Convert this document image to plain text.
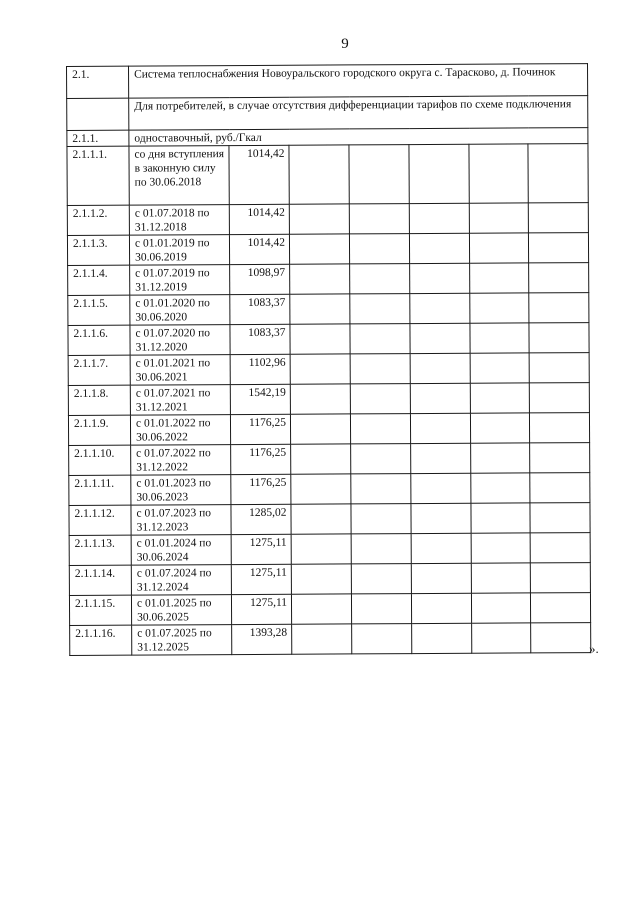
9
2.1.	Система теплоснабжения Новоуральского городского округа с. Тарасково, д. Починок						
	Для потребителей, в случае отсутствия дифференциации тарифов по схеме подключения						
2.1.1.	одноставочный, руб./Гкал						
2.1.1.1.	со дня вступления в законную силу по 30.06.2018	1014,42					
2.1.1.2.	с 01.07.2018 по 31.12.2018	1014,42					
2.1.1.3.	с 01.01.2019 по 30.06.2019	1014,42					
2.1.1.4.	с 01.07.2019 по 31.12.2019	1098,97					
2.1.1.5.	с 01.01.2020 по 30.06.2020	1083,37					
2.1.1.6.	с 01.07.2020 по 31.12.2020	1083,37					
2.1.1.7.	с 01.01.2021 по 30.06.2021	1102,96					
2.1.1.8.	с 01.07.2021 по 31.12.2021	1542,19					
2.1.1.9.	с 01.01.2022 по 30.06.2022	1176,25					
2.1.1.10.	с 01.07.2022 по 31.12.2022	1176,25					
2.1.1.11.	с 01.01.2023 по 30.06.2023	1176,25					
2.1.1.12.	с 01.07.2023 по 31.12.2023	1285,02					
2.1.1.13.	с 01.01.2024 по 30.06.2024	1275,11					
2.1.1.14.	с 01.07.2024 по 31.12.2024	1275,11					
2.1.1.15.	с 01.01.2025 по 30.06.2025	1275,11					
2.1.1.16.	с 01.07.2025 по 31.12.2025	1393,28					
».
